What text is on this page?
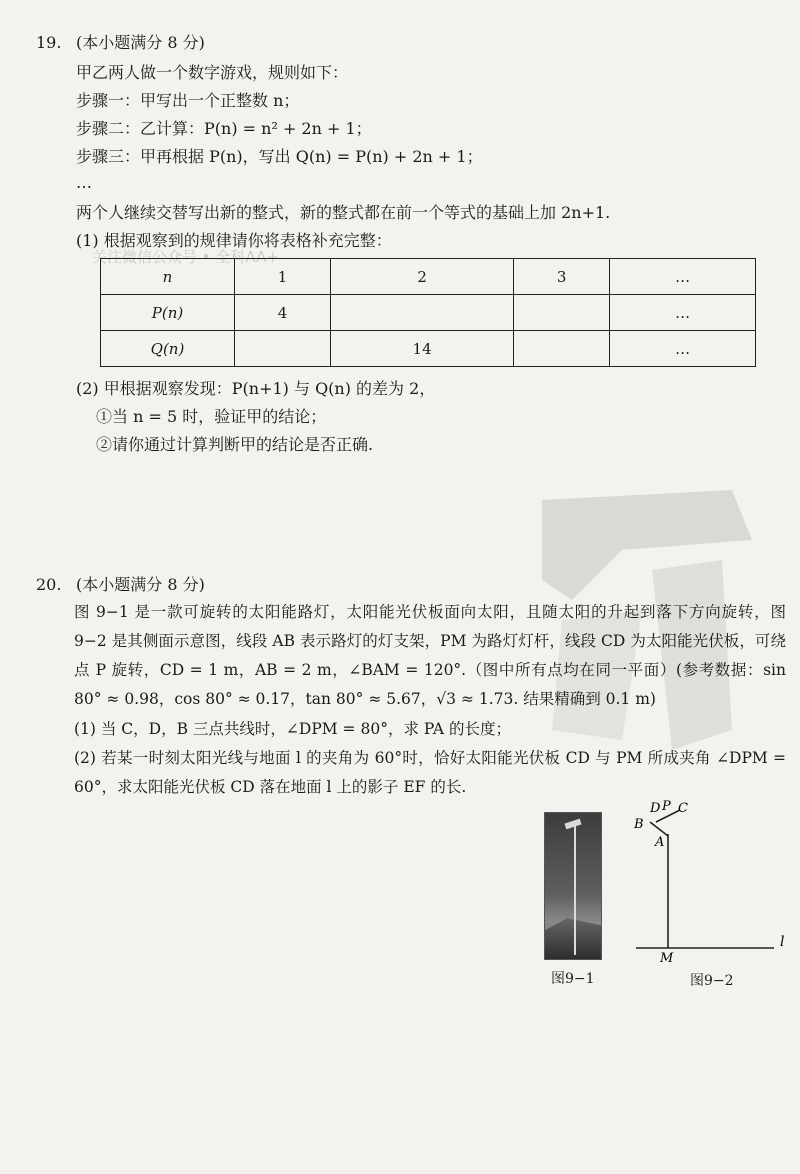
19. (本小题满分 8 分)
甲乙两人做一个数字游戏，规则如下：
步骤一：甲写出一个正整数 n；
步骤二：乙计算：P(n) = n² + 2n + 1；
步骤三：甲再根据 P(n)，写出 Q(n) = P(n) + 2n + 1；
…
两个人继续交替写出新的整式，新的整式都在前一个等式的基础上加 2n+1.
(1) 根据观察到的规律请你将表格补充完整：
关注微信公众号 • 全科AA+
n	1	2	3	…
P(n)	4			…
Q(n)		14		…
(2) 甲根据观察发现：P(n+1) 与 Q(n) 的差为 2，
①当 n = 5 时，验证甲的结论；
②请你通过计算判断甲的结论是否正确.
20. (本小题满分 8 分)
图 9−1 是一款可旋转的太阳能路灯，太阳能光伏板面向太阳，且随太阳的升起到落下方向旋转，图 9−2 是其侧面示意图，线段 AB 表示路灯的灯支架，PM 为路灯灯杆，线段 CD 为太阳能光伏板，可绕点 P 旋转，CD = 1 m，AB = 2 m，∠BAM = 120°.（图中所有点均在同一平面）(参考数据：sin 80° ≈ 0.98，cos 80° ≈ 0.17，tan 80° ≈ 5.67，√3 ≈ 1.73. 结果精确到 0.1 m)
(1) 当 C，D，B 三点共线时，∠DPM = 80°，求 PA 的长度；
(2) 若某一时刻太阳光线与地面 l 的夹角为 60°时，恰好太阳能光伏板 CD 与 PM 所成夹角 ∠DPM = 60°，求太阳能光伏板 CD 落在地面 l 上的影子 EF 的长.
图9−1
D P C
B
A
M
l
图9−2
